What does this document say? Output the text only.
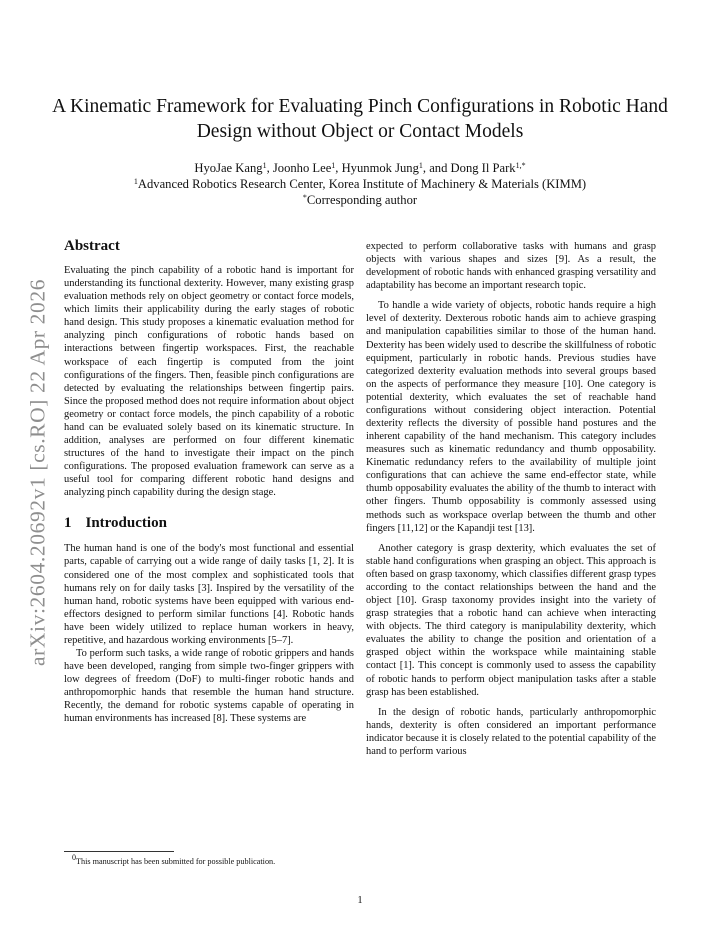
arXiv:2604.20692v1 [cs.RO] 22 Apr 2026
A Kinematic Framework for Evaluating Pinch Configurations in Robotic Hand Design without Object or Contact Models
HyoJae Kang$^1$, Joonho Lee$^1$, Hyunmok Jung$^1$, and Dong Il Park$^{1,*}$
$^1$Advanced Robotics Research Center, Korea Institute of Machinery & Materials (KIMM)
*Corresponding author
Abstract

Evaluating the pinch capability of a robotic hand is important for understanding its functional dexterity. However, many existing grasp evaluation methods rely on object geometry or contact force models, which limits their applicability during the early stages of robotic hand design. This study proposes a kinematic evaluation method for analyzing pinch configurations of robotic hands based on interactions between fingertip workspaces. First, the reachable workspace of each fingertip is computed from the joint configurations of the fingers. Then, feasible pinch configurations are detected by evaluating the relationships between fingertip pairs. Since the proposed method does not require information about object geometry or contact force models, the pinch capability of a robotic hand can be evaluated solely based on its kinematic structure. In addition, analyses are performed on four different kinematic structures of the hand to investigate their impact on the pinch configurations. The proposed evaluation framework can serve as a useful tool for comparing different robotic hand designs and analyzing pinch capability during the design stage.

1 Introduction

The human hand is one of the body's most functional and essential parts, capable of carrying out a wide range of daily tasks [1, 2]. It is considered one of the most complex and sophisticated tools that humans rely on for daily tasks [3]. Inspired by the versatility of the human hand, robotic systems have been equipped with various end-effectors designed to perform similar functions [4]. Robotic hands have been widely utilized to replace human workers in heavy, repetitive, and hazardous working environments [5–7].

To perform such tasks, a wide range of robotic grippers and hands have been developed, ranging from simple two-finger grippers with low degrees of freedom (DoF) to multi-finger robotic hands and anthropomorphic hands that resemble the human hand structure. Recently, the demand for robotic systems capable of operating in human environments has increased [8]. These systems are

expected to perform collaborative tasks with humans and grasp objects with various shapes and sizes [9]. As a result, the development of robotic hands with enhanced grasping versatility and adaptability has become an important research topic.

To handle a wide variety of objects, robotic hands require a high level of dexterity. Dexterous robotic hands aim to achieve grasping and manipulation capabilities similar to those of the human hand. Dexterity has been widely used to describe the skillfulness of robotic equipment, particularly in robotic hands. Previous studies have categorized dexterity evaluation methods into several groups based on the aspects of performance they measure [10]. One category is potential dexterity, which evaluates the set of reachable hand configurations without considering object interaction. Potential dexterity reflects the diversity of possible hand postures and the inherent capability of the hand mechanism. This category includes measures such as kinematic redundancy and thumb opposability. Kinematic redundancy refers to the availability of multiple joint configurations that can achieve the same end-effector state, while thumb opposability evaluates the ability of the thumb to interact with other fingers. Thumb opposability is commonly assessed using methods such as workspace overlap between the thumb and other fingers [11,12] or the Kapandji test [13].

Another category is grasp dexterity, which evaluates the set of stable hand configurations when grasping an object. This approach is often based on grasp taxonomy, which classifies different grasp types according to the contact relationships between the hand and the object [10]. Grasp taxonomy provides insight into the variety of grasp strategies that a robotic hand can achieve when interacting with objects. The third category is manipulability dexterity, which evaluates the ability to change the position and orientation of a grasped object within the workspace while maintaining stable contact [1]. This concept is commonly used to assess the capability of robotic hands to perform object manipulation tasks after a stable grasp has been established.

In the design of robotic hands, particularly anthropomorphic hands, dexterity is often considered an important performance indicator because it is closely related to the potential capability of the hand to perform various

$^0$This manuscript has been submitted for possible publication.
1
